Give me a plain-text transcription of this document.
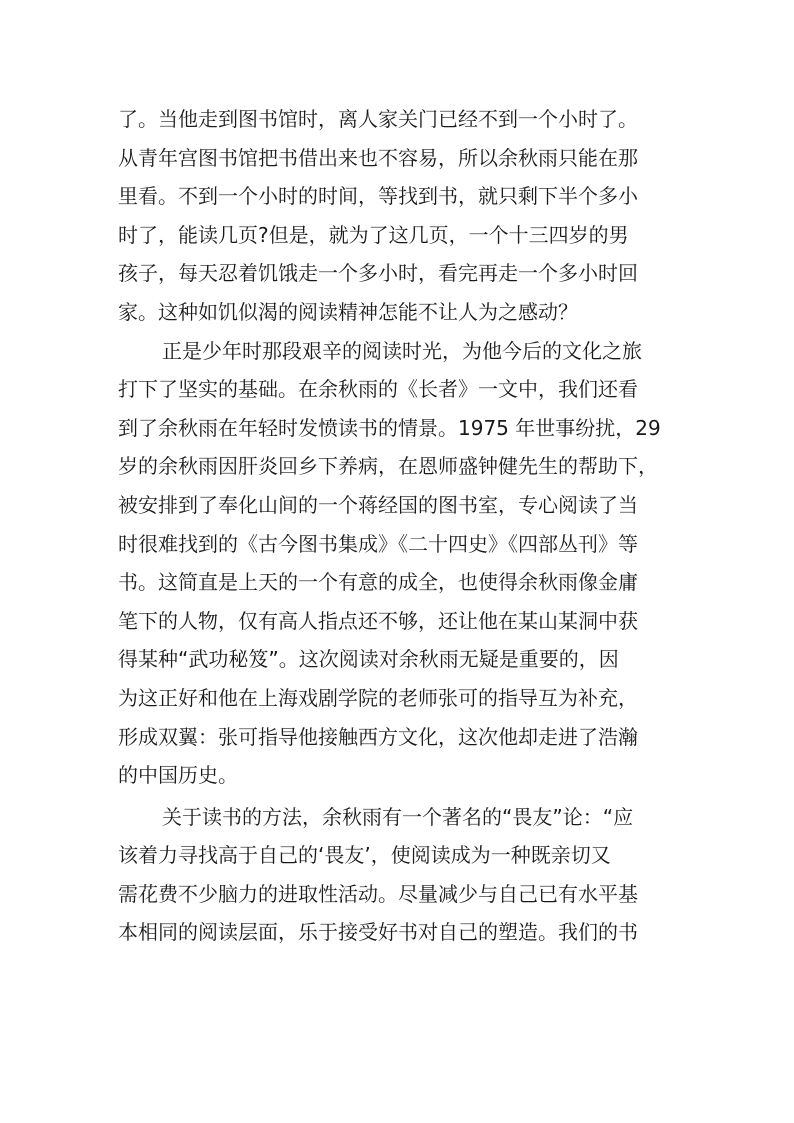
了。当他走到图书馆时，离人家关门已经不到一个小时了。
从青年宫图书馆把书借出来也不容易，所以余秋雨只能在那
里看。不到一个小时的时间，等找到书，就只剩下半个多小
时了，能读几页?但是，就为了这几页，一个十三四岁的男
孩子，每天忍着饥饿走一个多小时，看完再走一个多小时回
家。这种如饥似渴的阅读精神怎能不让人为之感动？
正是少年时那段艰辛的阅读时光，为他今后的文化之旅
打下了坚实的基础。在余秋雨的《长者》一文中，我们还看
到了余秋雨在年轻时发愤读书的情景。1975 年世事纷扰，29
岁的余秋雨因肝炎回乡下养病，在恩师盛钟健先生的帮助下，
被安排到了奉化山间的一个蒋经国的图书室，专心阅读了当
时很难找到的《古今图书集成》《二十四史》《四部丛刊》等
书。这简直是上天的一个有意的成全，也使得余秋雨像金庸
笔下的人物，仅有高人指点还不够，还让他在某山某洞中获
得某种“武功秘笈”。这次阅读对余秋雨无疑是重要的，因
为这正好和他在上海戏剧学院的老师张可的指导互为补充，
形成双翼：张可指导他接触西方文化，这次他却走进了浩瀚
的中国历史。
关于读书的方法，余秋雨有一个著名的“畏友”论：“应
该着力寻找高于自己的‘畏友’，使阅读成为一种既亲切又
需花费不少脑力的进取性活动。尽量减少与自己已有水平基
本相同的阅读层面，乐于接受好书对自己的塑造。我们的书
